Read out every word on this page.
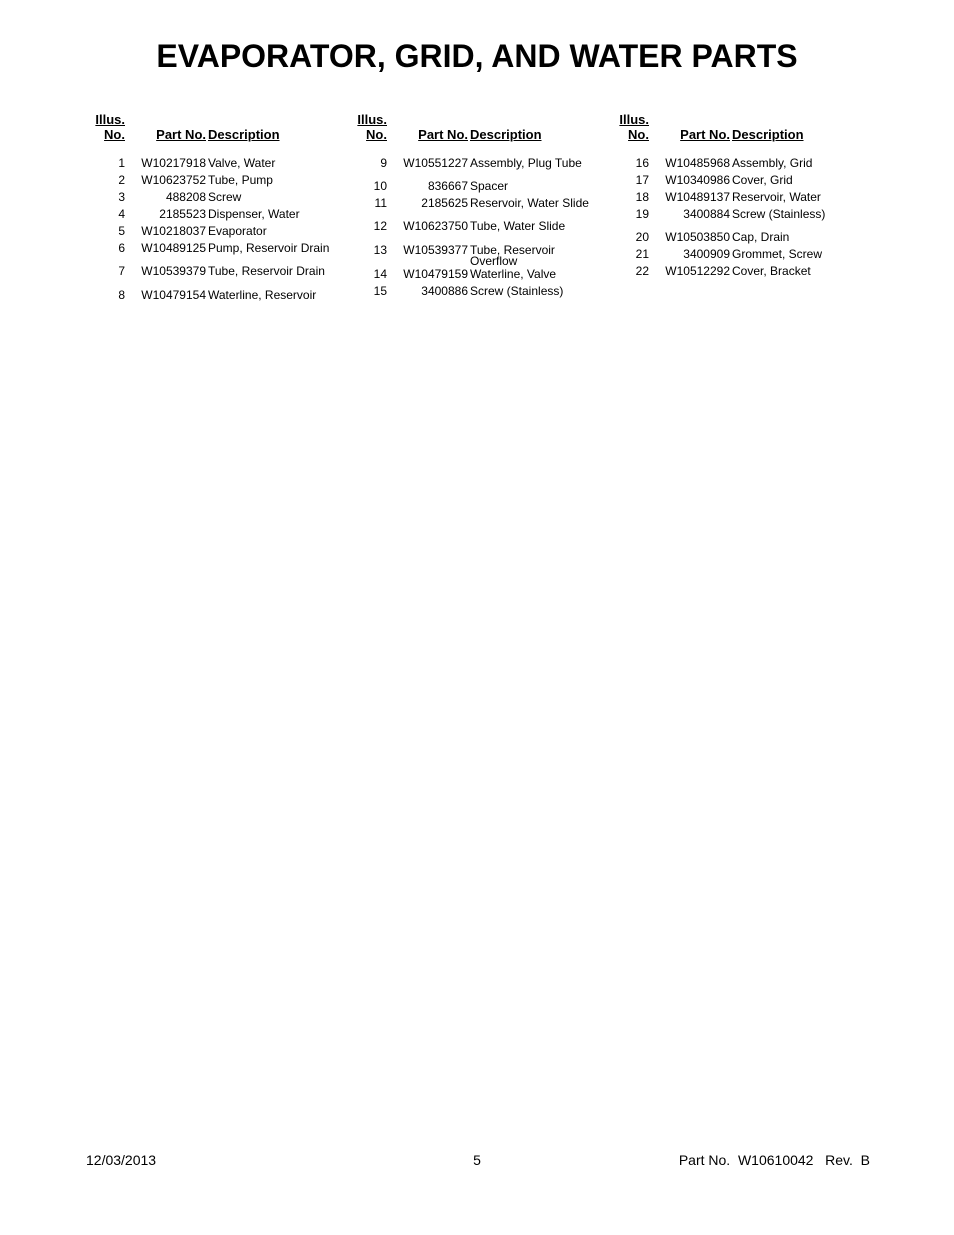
EVAPORATOR, GRID, AND WATER PARTS
Illus.
No. Part No. Description
1 W10217918 Valve, Water
2 W10623752 Tube, Pump
3	488208 Screw
4	2185523 Dispenser, Water
5 W10218037 Evaporator
6 W10489125 Pump, Reservoir Drain
7 W10539379 Tube, Reservoir Drain
8 W10479154 Waterline, Reservoir
Illus.
No. Part No. Description
9 W10551227 Assembly, Plug Tube
10	836667 Spacer
11	2185625 Reservoir, Water Slide
12 W10623750 Tube, Water Slide
13 W10539377 Tube, Reservoir
Overflow
14 W10479159 Waterline, Valve
15	3400886 Screw (Stainless)
Illus.
No. Part No. Description
16 W10485968 Assembly, Grid
17 W10340986 Cover, Grid
18 W10489137 Reservoir, Water
19	3400884 Screw (Stainless)
20 W10503850 Cap, Drain
21	3400909 Grommet, Screw
22 W10512292 Cover, Bracket
12/03/2013	5	Part No.  W10610042   Rev.  B
